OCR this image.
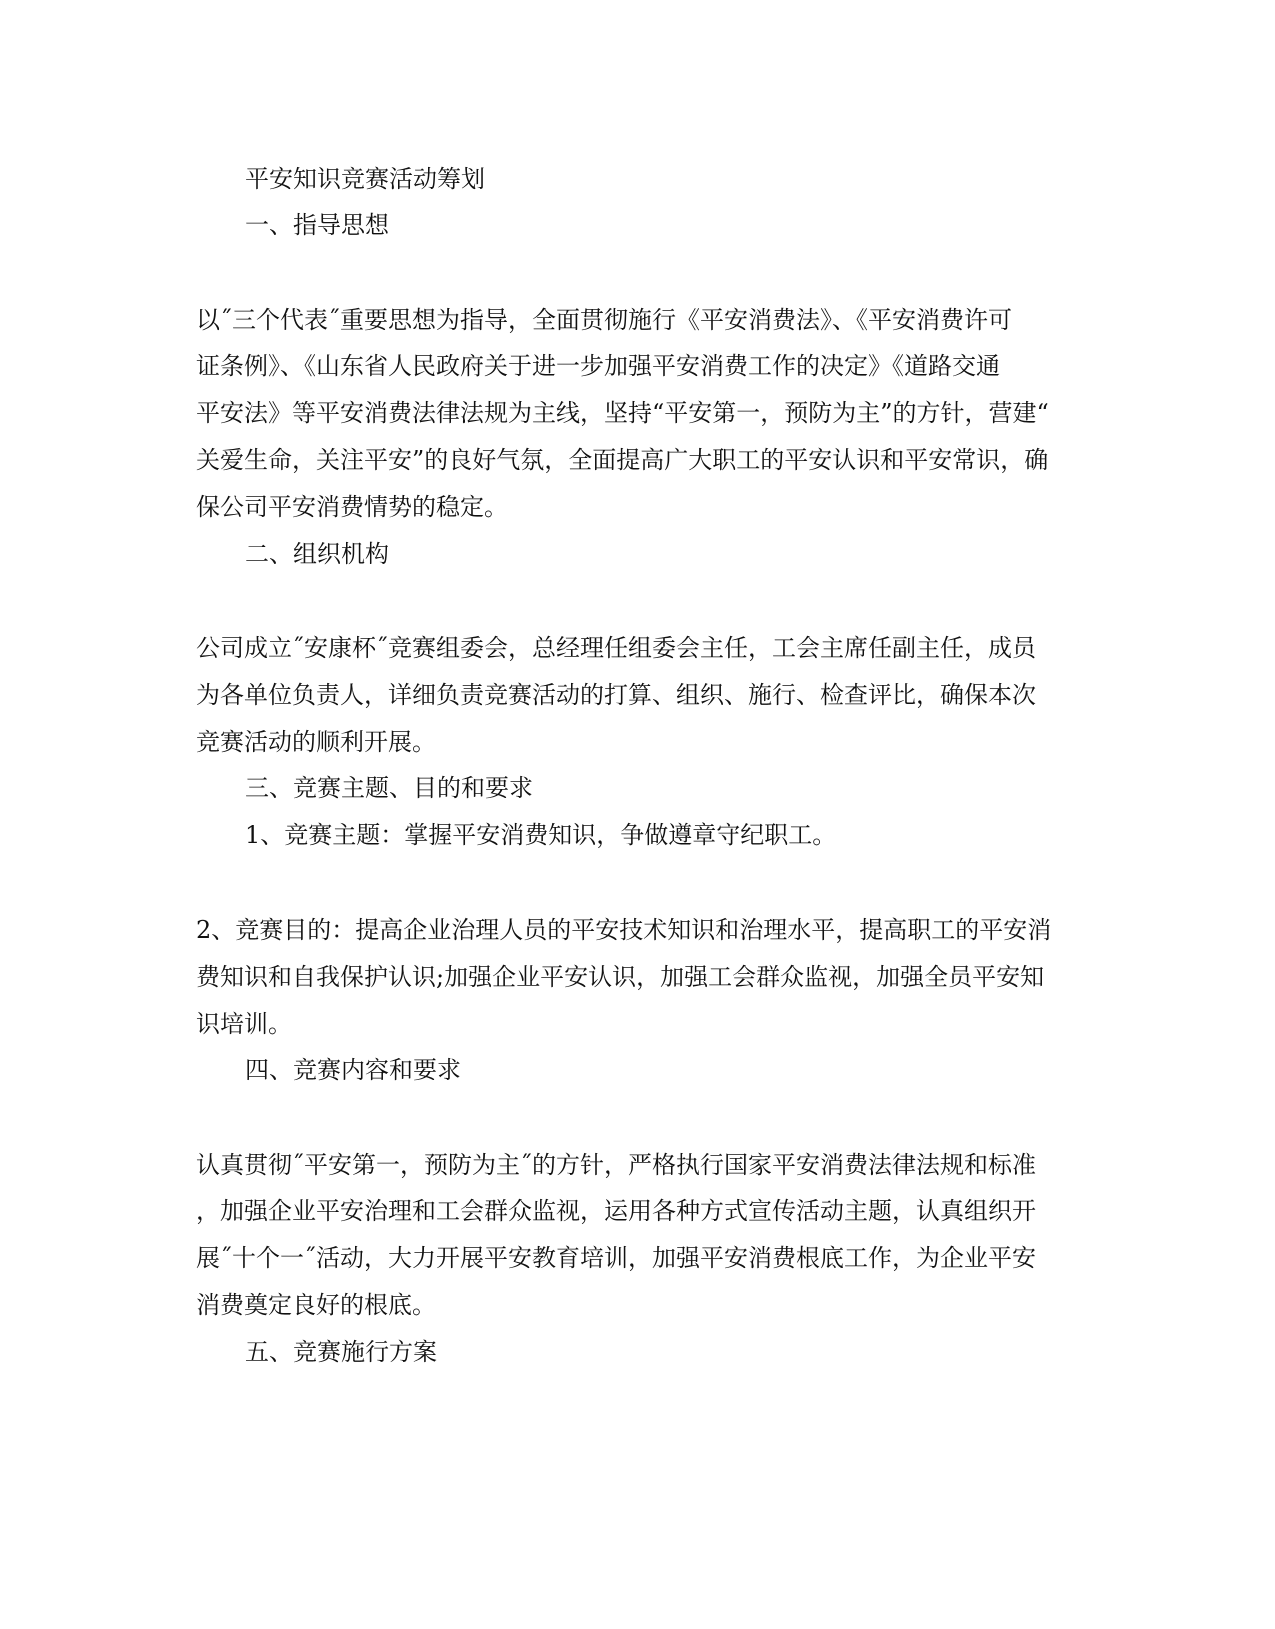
平安知识竞赛活动筹划
一、指导思想
以˝三个代表˝重要思想为指导，全面贯彻施行《平安消费法》、《平安消费许可
证条例》、《山东省人民政府关于进一步加强平安消费工作的决定》《道路交通
平安法》等平安消费法律法规为主线，坚持“平安第一，预防为主”的方针，营建“
关爱生命，关注平安”的良好气氛，全面提高广大职工的平安认识和平安常识，确
保公司平安消费情势的稳定。
二、组织机构
公司成立˝安康杯˝竞赛组委会，总经理任组委会主任，工会主席任副主任，成员
为各单位负责人，详细负责竞赛活动的打算、组织、施行、检查评比，确保本次
竞赛活动的顺利开展。
三、竞赛主题、目的和要求
1、竞赛主题：掌握平安消费知识，争做遵章守纪职工。
2、竞赛目的：提高企业治理人员的平安技术知识和治理水平，提高职工的平安消
费知识和自我保护认识;加强企业平安认识，加强工会群众监视，加强全员平安知
识培训。
四、竞赛内容和要求
认真贯彻˝平安第一，预防为主˝的方针，严格执行国家平安消费法律法规和标准
，加强企业平安治理和工会群众监视，运用各种方式宣传活动主题，认真组织开
展˝十个一˝活动，大力开展平安教育培训，加强平安消费根底工作，为企业平安
消费奠定良好的根底。
五、竞赛施行方案
